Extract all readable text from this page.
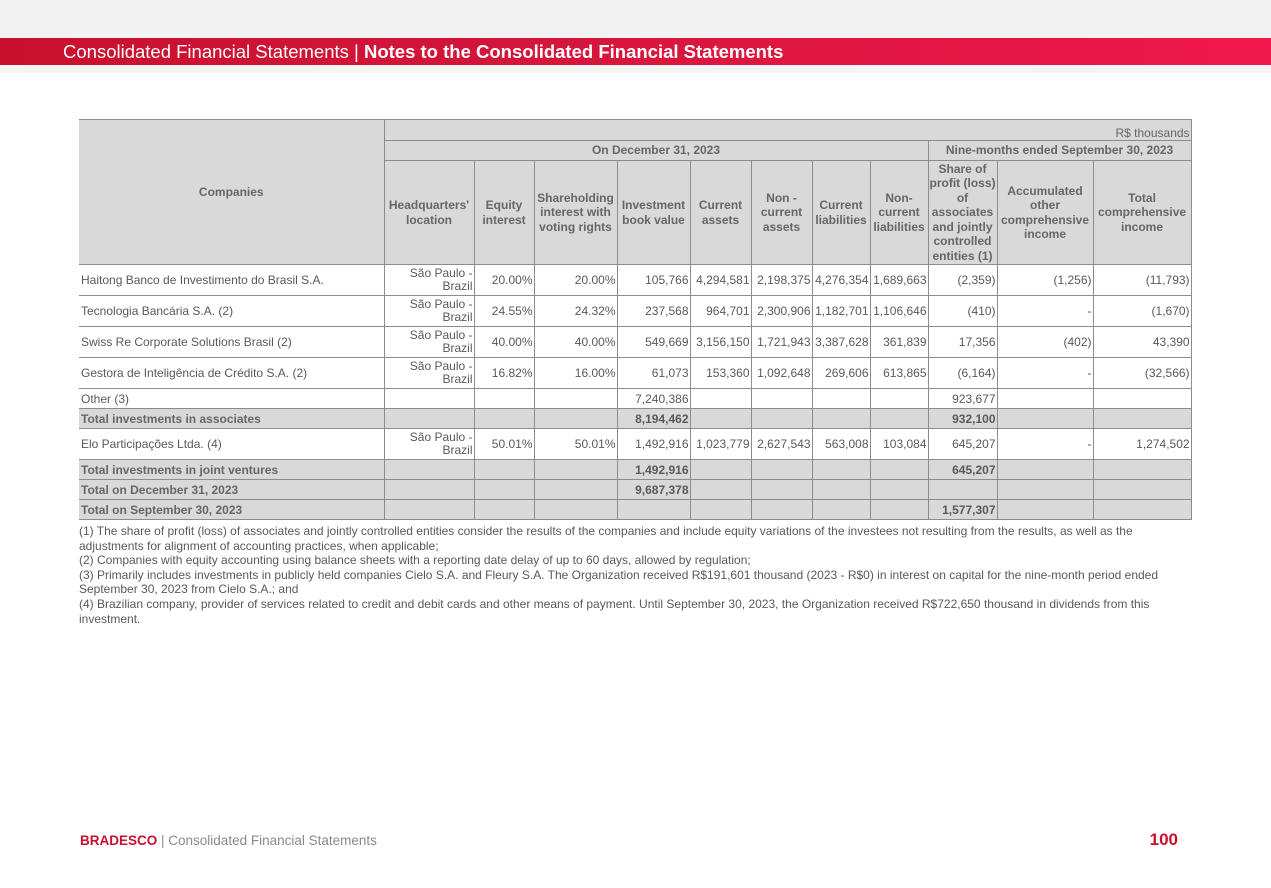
Consolidated Financial Statements | Notes to the Consolidated Financial Statements
Companies	R$ thousands										
	On December 31, 2023								Nine-months ended September 30, 2023		
	Headquarters' location	Equity interest	Shareholding interest with voting rights	Investment book value	Current assets	Non - current assets	Current liabilities	Non- current liabilities	Share of profit (loss) of associates and jointly controlled entities (1)	Accumulated other comprehensive income	Total comprehensive income
Haitong Banco de Investimento do Brasil S.A.	São Paulo - Brazil	20.00%	20.00%	105,766	4,294,581	2,198,375	4,276,354	1,689,663	(2,359)	(1,256)	(11,793)
Tecnologia Bancária S.A. (2)	São Paulo - Brazil	24.55%	24.32%	237,568	964,701	2,300,906	1,182,701	1,106,646	(410)	-	(1,670)
Swiss Re Corporate Solutions Brasil (2)	São Paulo - Brazil	40.00%	40.00%	549,669	3,156,150	1,721,943	3,387,628	361,839	17,356	(402)	43,390
Gestora de Inteligência de Crédito S.A. (2)	São Paulo - Brazil	16.82%	16.00%	61,073	153,360	1,092,648	269,606	613,865	(6,164)	-	(32,566)
Other (3)				7,240,386					923,677		
Total investments in associates				8,194,462					932,100		
Elo Participações Ltda. (4)	São Paulo - Brazil	50.01%	50.01%	1,492,916	1,023,779	2,627,543	563,008	103,084	645,207	-	1,274,502
Total investments in joint ventures				1,492,916					645,207		
Total on December 31, 2023				9,687,378							
Total on September 30, 2023									1,577,307		

(1) The share of profit (loss) of associates and jointly controlled entities consider the results of the companies and include equity variations of the investees not resulting from the results, as well as the adjustments for alignment of accounting practices, when applicable;

(2) Companies with equity accounting using balance sheets with a reporting date delay of up to 60 days, allowed by regulation;

(3) Primarily includes investments in publicly held companies Cielo S.A. and Fleury S.A. The Organization received R$191,601 thousand (2023 - R$0) in interest on capital for the nine-month period ended September 30, 2023 from Cielo S.A.; and

(4) Brazilian company, provider of services related to credit and debit cards and other means of payment. Until September 30, 2023, the Organization received R$722,650 thousand in dividends from this investment.

BRADESCO | Consolidated Financial Statements	100
